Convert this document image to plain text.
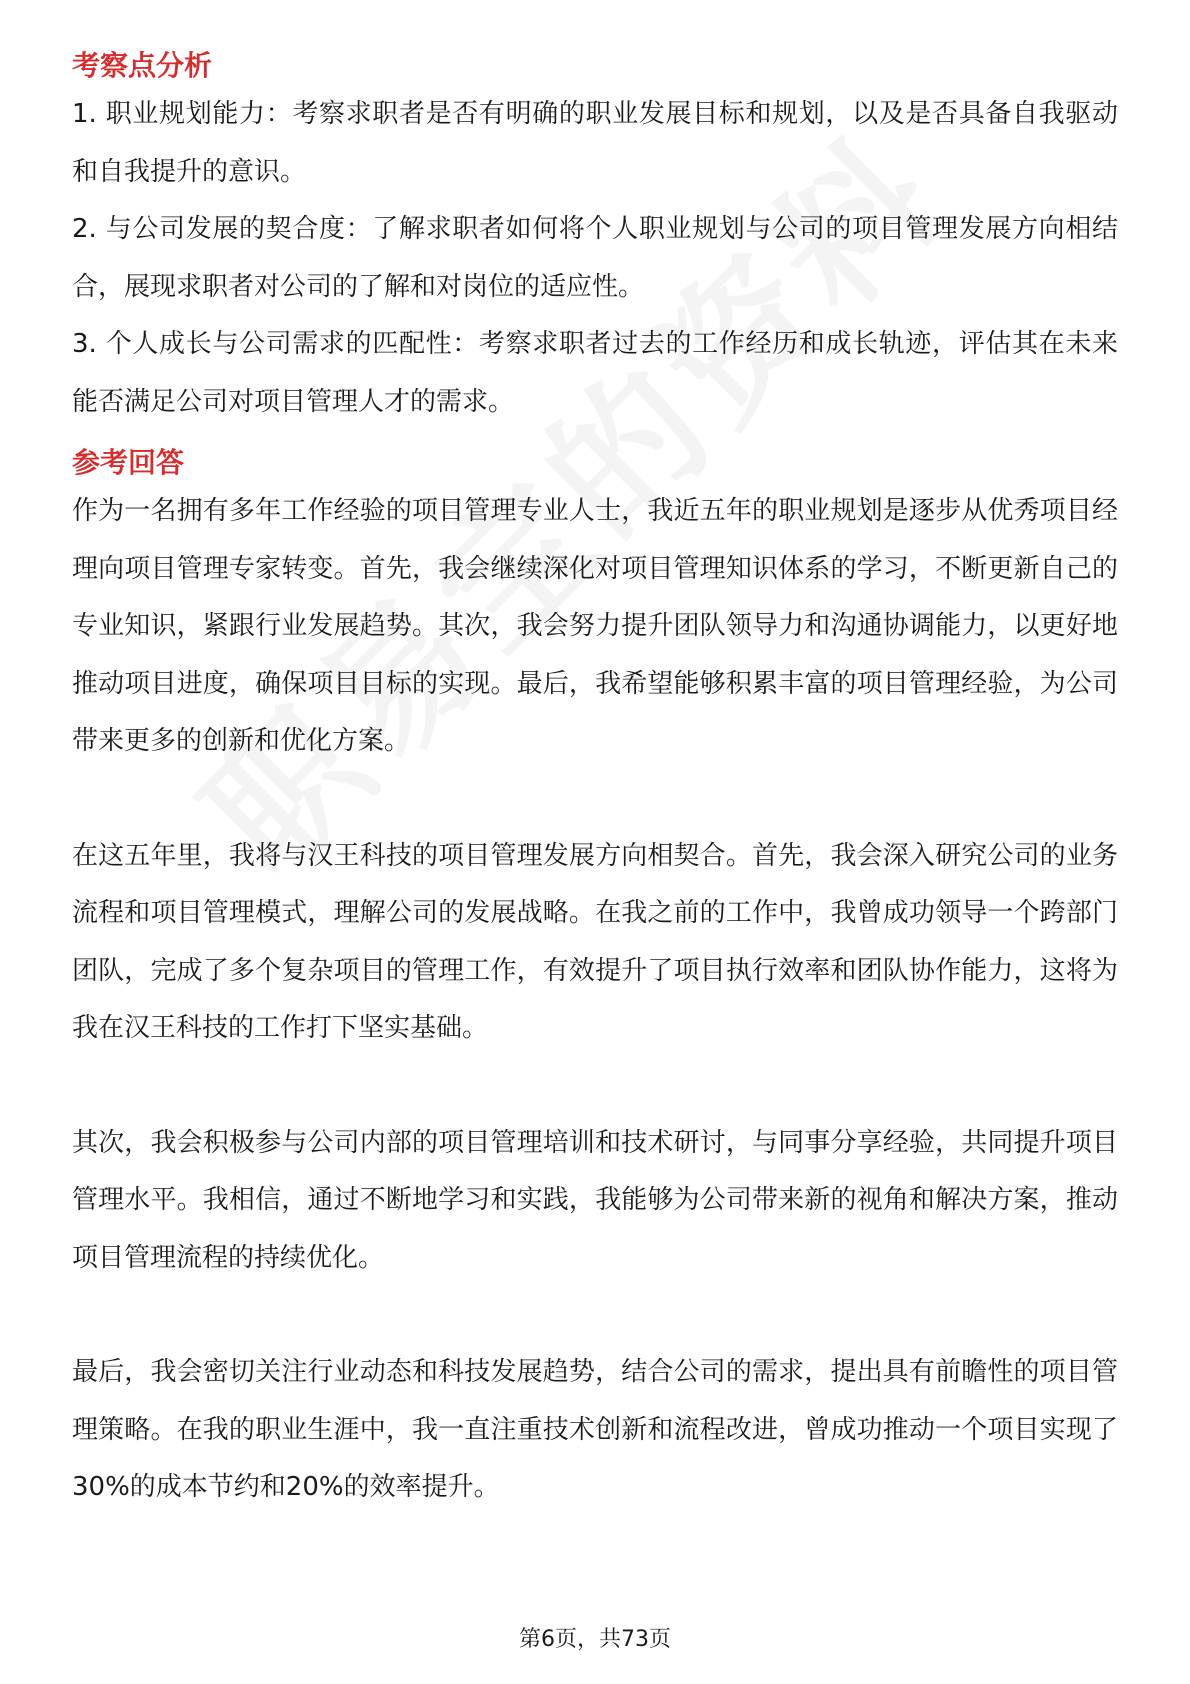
考察点分析

1. 职业规划能力：考察求职者是否有明确的职业发展目标和规划，以及是否具备自我驱动和自我提升的意识。

2. 与公司发展的契合度：了解求职者如何将个人职业规划与公司的项目管理发展方向相结合，展现求职者对公司的了解和对岗位的适应性。

3. 个人成长与公司需求的匹配性：考察求职者过去的工作经历和成长轨迹，评估其在未来能否满足公司对项目管理人才的需求。

参考回答

作为一名拥有多年工作经验的项目管理专业人士，我近五年的职业规划是逐步从优秀项目经理向项目管理专家转变。首先，我会继续深化对项目管理知识体系的学习，不断更新自己的专业知识，紧跟行业发展趋势。其次，我会努力提升团队领导力和沟通协调能力，以更好地推动项目进度，确保项目目标的实现。最后，我希望能够积累丰富的项目管理经验，为公司带来更多的创新和优化方案。

在这五年里，我将与汉王科技的项目管理发展方向相契合。首先，我会深入研究公司的业务流程和项目管理模式，理解公司的发展战略。在我之前的工作中，我曾成功领导一个跨部门团队，完成了多个复杂项目的管理工作，有效提升了项目执行效率和团队协作能力，这将为我在汉王科技的工作打下坚实基础。

其次，我会积极参与公司内部的项目管理培训和技术研讨，与同事分享经验，共同提升项目管理水平。我相信，通过不断地学习和实践，我能够为公司带来新的视角和解决方案，推动项目管理流程的持续优化。

最后，我会密切关注行业动态和科技发展趋势，结合公司的需求，提出具有前瞻性的项目管理策略。在我的职业生涯中，我一直注重技术创新和流程改进，曾成功推动一个项目实现了30%的成本节约和20%的效率提升。

第6页，共73页
